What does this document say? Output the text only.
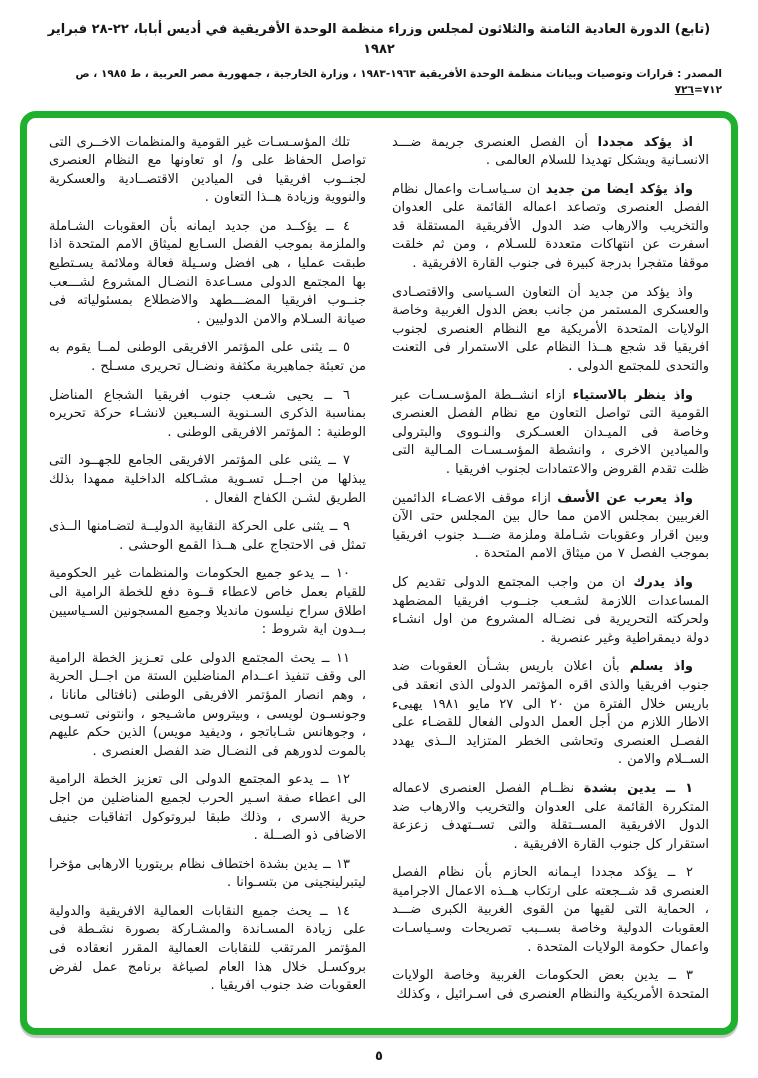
(تابع) الدورة العادية الثامنة والثلاثون لمجلس وزراء منظمة الوحدة الأفريقية في أديس أبابا، ٢٢-٢٨ فبراير ١٩٨٢
المصدر : قرارات وتوصيات وبيانات منظمة الوحدة الأفريقية ١٩٦٣-١٩٨٣ ، وزارة الخارجية ، جمهورية مصر العربية ، ط ١٩٨٥ ، ص ٧١٢=٧٢٦

اذ يؤكد مجددا أن الفصل العنصرى جريمة ضـــد الانسـانية ويشكل تهديدا للسلام العالمى .

واذ يؤكد ايضا من جديد ان سـياسـات واعمال نظام الفصل العنصرى وتصاعد اعماله القائمة على العدوان والتخريب والارهاب ضد الدول الأفريقية المستقلة قد اسفرت عن انتهاكات متعددة للسـلام ، ومن ثم خلقت موقفا متفجرا بدرجة كبيرة فى جنوب القارة الافريقية .

واذ يؤكد من جديد أن التعاون السـياسى والاقتصـادى والعسكرى المستمر من جانب بعض الدول الغربية وخاصة الولايات المتحدة الأمريكية مع النظام العنصرى لجنوب افريقيا قد شجع هــذا النظام على الاستمرار فى التعنت والتحدى للمجتمع الدولى .

واذ ينظر بالاستياء ازاء انشــطة المؤسـسـات عبر القومية التى تواصل التعاون مع نظام الفصل العنصرى وخاصة فى الميـدان العسـكرى والنـووى والبترولى والميادين الاخرى ، وانشطة المؤسـسـات المـالية التى ظلت تقدم القروض والاعتمادات لجنوب افريقيا .

واذ يعرب عن الأسف ازاء موقف الاعضـاء الدائمين الغربيين بمجلس الامن مما حال بين المجلس حتى الآن وبين اقرار وعقوبات شـاملة وملزمة ضـــد جنوب افريقيا بموجب الفصل ٧ من ميثاق الامم المتحدة .

واذ يدرك ان من واجب المجتمع الدولى تقديم كل المساعدات اللازمة لشـعب جنــوب افريقيا المضطهد ولحركته التحريرية فى نضـاله المشروع من اول انشـاء دولة ديمقراطية وغير عنصرية .

واذ يسلم بأن اعلان باريس بشـأن العقوبات ضد جنوب افريقيا والذى اقره المؤتمر الدولى الذى انعقد فى باريس خلال الفترة من ٢٠ الى ٢٧ مايو ١٩٨١ يهيىء الاطار اللازم من أجل العمل الدولى الفعال للقضـاء على الفصـل العنصرى وتحاشى الخطر المتزايد الــذى يهدد الســلام والامن .

١ ــ يدين بشدة نظــام الفصل العنصرى لاعماله المتكررة القائمة على العدوان والتخريب والارهاب ضد الدول الافريقية المســتقلة والتى تســتهدف زعزعة استقرار كل جنوب القارة الافريقية .

٢ ــ يؤكد مجددا ايـمانه الحازم بأن نظام الفصل العنصرى قد شــجعته على ارتكاب هــذه الاعمال الاجرامية ، الحماية التى لقيها من القوى الغربية الكبرى ضـــد العقوبات الدولية وخاصة بســبب تصريحات وسـياسـات واعمال حكومة الولايات المتحدة .

٣ ــ يدين بعض الحكومات الغربية وخاصة الولايات المتحدة الأمريكية والنظام العنصرى فى اسـرائيل ، وكذلك

تلك المؤسـسـات غير القومية والمنظمات الاخــرى التى تواصل الحفاظ على و/ او تعاونها مع النظام العنصرى لجنــوب افريقيا فى الميادين الاقتصــادية والعسكرية والنووية وزيادة هــذا التعاون .

٤ ــ يؤكــد من جديد ايمانه بأن العقوبات الشـاملة والملزمة بموجب الفصل السـابع لميثاق الامم المتحدة اذا طبقت عمليا ، هى افضل وسـيلة فعالة وملائمة يسـتطيع بها المجتمع الدولى مسـاعدة النضـال المشروع لشـــعب جنــوب افريقيا المضـــطهد والاضطلاع بمسئولياته فى صيانة السـلام والامن الدوليين .

٥ ــ يثنى على المؤتمر الافريقى الوطنى لمــا يقوم به من تعبئة جماهيرية مكثفة ونضـال تحريرى مسـلح .

٦ ــ يحيى شـعب جنوب افريقيا الشجاع المناضل بمناسبة الذكرى السـنوية السـبعين لانشـاء حركة تحريره الوطنية : المؤتمر الافريقى الوطنى .

٧ ــ يثنى على المؤتمر الافريقى الجامع للجهــود التى يبذلها من اجــل تسـوية مشـاكله الداخلية ممهدا بذلك الطريق لشـن الكفاح الفعال .

٩ ــ يثنى على الحركة النقابية الدوليــة لتضـامنها الــذى تمثل فى الاحتجاج على هــذا القمع الوحشى .

١٠ ــ يدعو جميع الحكومات والمنظمات غير الحكومية للقيام بعمل خاص لاعطاء قــوة دفع للخطة الرامية الى اطلاق سراح نيلسون مانديلا وجميع المسجونين السـياسيين بــدون اية شروط :

١١ ــ يحث المجتمع الدولى على تعـزيز الخطة الرامية الى وقف تنفيذ اعــدام المناضلين الستة من اجــل الحرية ، وهم انصار المؤتمر الافريقى الوطنى (نافتالى مانانا ، وجونسـون لويسى ، وبيتروس ماشـيجو ، وانتونى تسـويى ، وجوهانس شـاباتجو ، وديفيد مويس) الذين حكم عليهم بالموت لدورهم فى النضـال ضد الفصل العنصرى .

١٢ ــ يدعو المجتمع الدولى الى تعزيز الخطة الرامية الى اعطاء صفة اسـير الحرب لجميع المناضلين من اجل حرية الاسرى ، وذلك طبقا لبروتوكول اتفاقيات جنيف الاضافى ذو الصــلة .

١٣ ــ يدين بشدة اختطاف نظام بريتوريا الارهابى مؤخرا ليتبرلينجينى من بتسـوانا .

١٤ ــ يحث جميع النقابات العمالية الافريقية والدولية على زيادة المسـاندة والمشـاركة بصورة نشـطة فى المؤتمر المرتقب للنقابات العمالية المقرر انعقاده فى بروكسـل خلال هذا العام لصياغة برنامج عمل لفرض العقوبات ضد جنوب افريقيا .

٥
